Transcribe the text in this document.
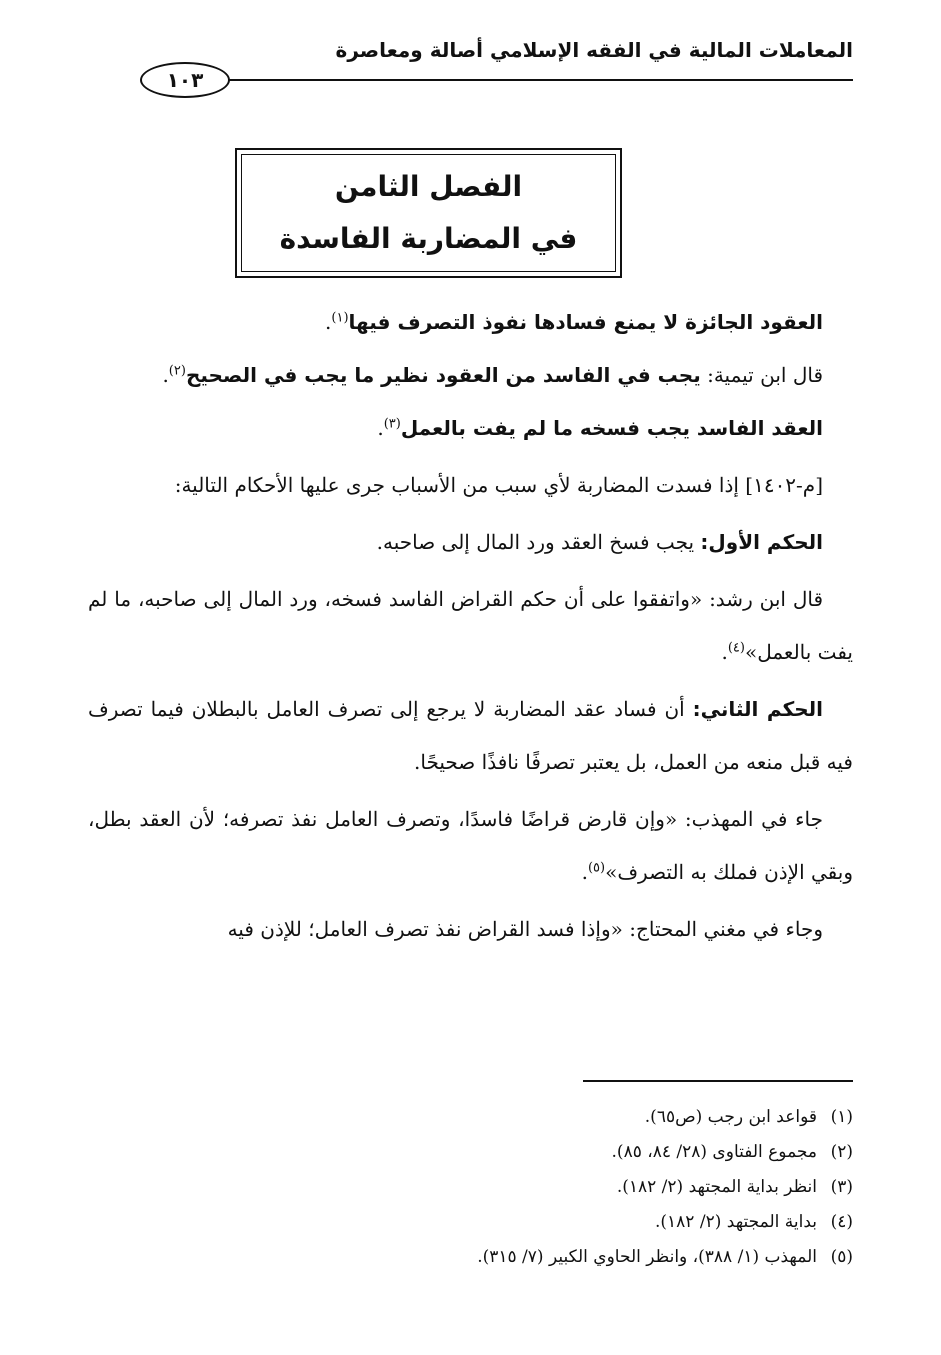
المعاملات المالية في الفقه الإسلامي أصالة ومعاصرة
١٠٣
الفصل الثامن
في المضاربة الفاسدة

العقود الجائزة لا يمنع فسادها نفوذ التصرف فيها$^{(١)}$.

قال ابن تيمية: يجب في الفاسد من العقود نظير ما يجب في الصحيح$^{(٢)}$.

العقد الفاسد يجب فسخه ما لم يفت بالعمل$^{(٣)}$.

[م-١٤٠٢] إذا فسدت المضاربة لأي سبب من الأسباب جرى عليها الأحكام التالية:

الحكم الأول: يجب فسخ العقد ورد المال إلى صاحبه.

قال ابن رشد: «واتفقوا على أن حكم القراض الفاسد فسخه، ورد المال إلى صاحبه، ما لم يفت بالعمل»$^{(٤)}$.

الحكم الثاني: أن فساد عقد المضاربة لا يرجع إلى تصرف العامل بالبطلان فيما تصرف فيه قبل منعه من العمل، بل يعتبر تصرفًا نافذًا صحيحًا.

جاء في المهذب: «وإن قارض قراضًا فاسدًا، وتصرف العامل نفذ تصرفه؛ لأن العقد بطل، وبقي الإذن فملك به التصرف»$^{(٥)}$.

وجاء في مغني المحتاج: «وإذا فسد القراض نفذ تصرف العامل؛ للإذن فيه

(١)قواعد ابن رجب (ص٦٥).

(٢)مجموع الفتاوى (٢٨/ ٨٤، ٨٥).

(٣)انظر بداية المجتهد (٢/ ١٨٢).

(٤)بداية المجتهد (٢/ ١٨٢).

(٥)المهذب (١/ ٣٨٨)، وانظر الحاوي الكبير (٧/ ٣١٥).
